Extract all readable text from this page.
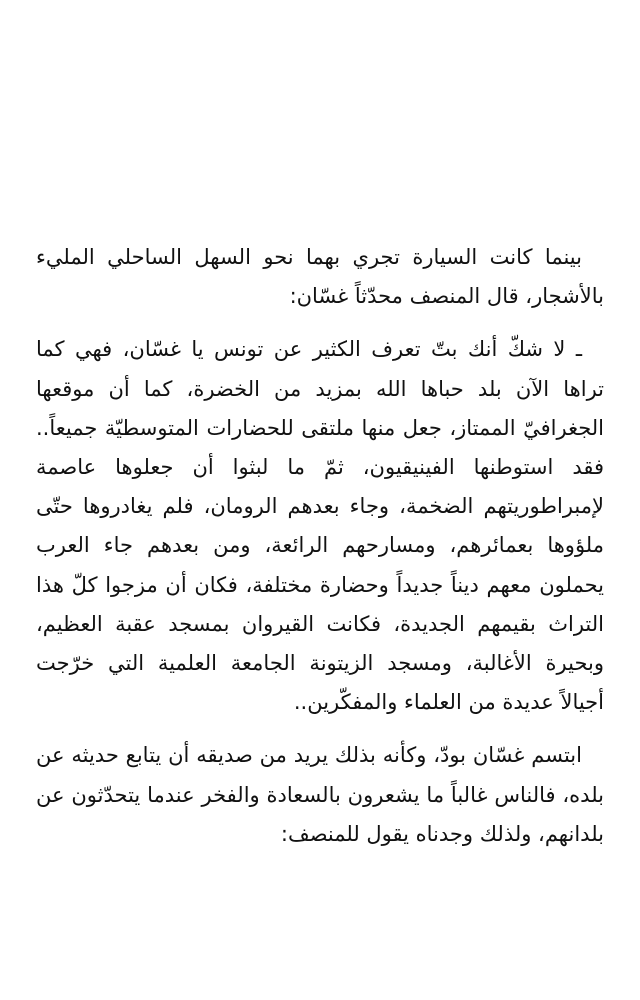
بينما كانت السيارة تجري بهما نحو السهل الساحلي المليء بالأشجار، قال المنصف محدّثاً غسّان:

ـ لا شكّ أنك بتّ تعرف الكثير عن تونس يا غسّان، فهي كما تراها الآن بلد حباها الله بمزيد من الخضرة، كما أن موقعها الجغرافيّ الممتاز، جعل منها ملتقى للحضارات المتوسطيّة جميعاً.. فقد استوطنها الفينيقيون، ثمّ ما لبثوا أن جعلوها عاصمة لإمبراطوريتهم الضخمة، وجاء بعدهم الرومان، فلم يغادروها حتّى ملؤوها بعمائرهم، ومسارحهم الرائعة، ومن بعدهم جاء العرب يحملون معهم ديناً جديداً وحضارة مختلفة، فكان أن مزجوا كلّ هذا التراث بقيمهم الجديدة، فكانت القيروان بمسجد عقبة العظيم، وبحيرة الأغالبة، ومسجد الزيتونة الجامعة العلمية التي خرّجت أجيالاً عديدة من العلماء والمفكّرين..

ابتسم غسّان بودّ، وكأنه بذلك يريد من صديقه أن يتابع حديثه عن بلده، فالناس غالباً ما يشعرون بالسعادة والفخر عندما يتحدّثون عن بلدانهم، ولذلك وجدناه يقول للمنصف:
